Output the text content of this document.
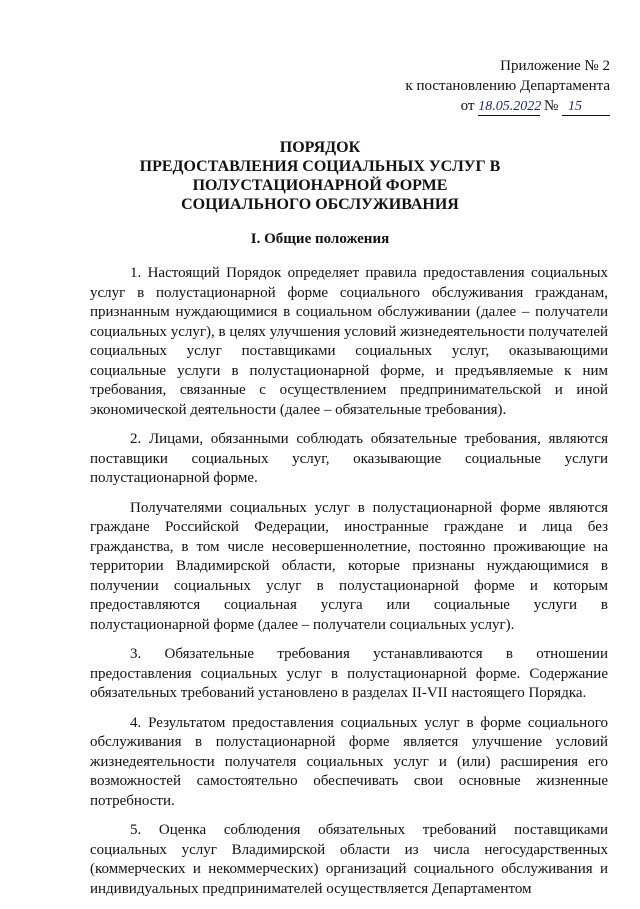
Приложение № 2
к постановлению Департамента
от 18.05.2022 № 15
ПОРЯДОК
ПРЕДОСТАВЛЕНИЯ СОЦИАЛЬНЫХ УСЛУГ В
ПОЛУСТАЦИОНАРНОЙ ФОРМЕ
СОЦИАЛЬНОГО ОБСЛУЖИВАНИЯ
I. Общие положения

1. Настоящий Порядок определяет правила предоставления социальных услуг в полустационарной форме социального обслуживания гражданам, признанным нуждающимися в социальном обслуживании (далее – получатели социальных услуг), в целях улучшения условий жизнедеятельности получателей социальных услуг поставщиками социальных услуг, оказывающими социальные услуги в полустационарной форме, и предъявляемые к ним требования, связанные с осуществлением предпринимательской и иной экономической деятельности (далее – обязательные требования).

2. Лицами, обязанными соблюдать обязательные требования, являются поставщики социальных услуг, оказывающие социальные услуги полустационарной форме.

Получателями социальных услуг в полустационарной форме являются граждане Российской Федерации, иностранные граждане и лица без гражданства, в том числе несовершеннолетние, постоянно проживающие на территории Владимирской области, которые признаны нуждающимися в получении социальных услуг в полустационарной форме и которым предоставляются социальная услуга или социальные услуги в полустационарной форме (далее – получатели социальных услуг).

3. Обязательные требования устанавливаются в отношении предоставления социальных услуг в полустационарной форме. Содержание обязательных требований установлено в разделах II-VII настоящего Порядка.

4. Результатом предоставления социальных услуг в форме социального обслуживания в полустационарной форме является улучшение условий жизнедеятельности получателя социальных услуг и (или) расширения его возможностей самостоятельно обеспечивать свои основные жизненные потребности.

5. Оценка соблюдения обязательных требований поставщиками социальных услуг Владимирской области из числа негосударственных (коммерческих и некоммерческих) организаций социального обслуживания и индивидуальных предпринимателей осуществляется Департаментом
